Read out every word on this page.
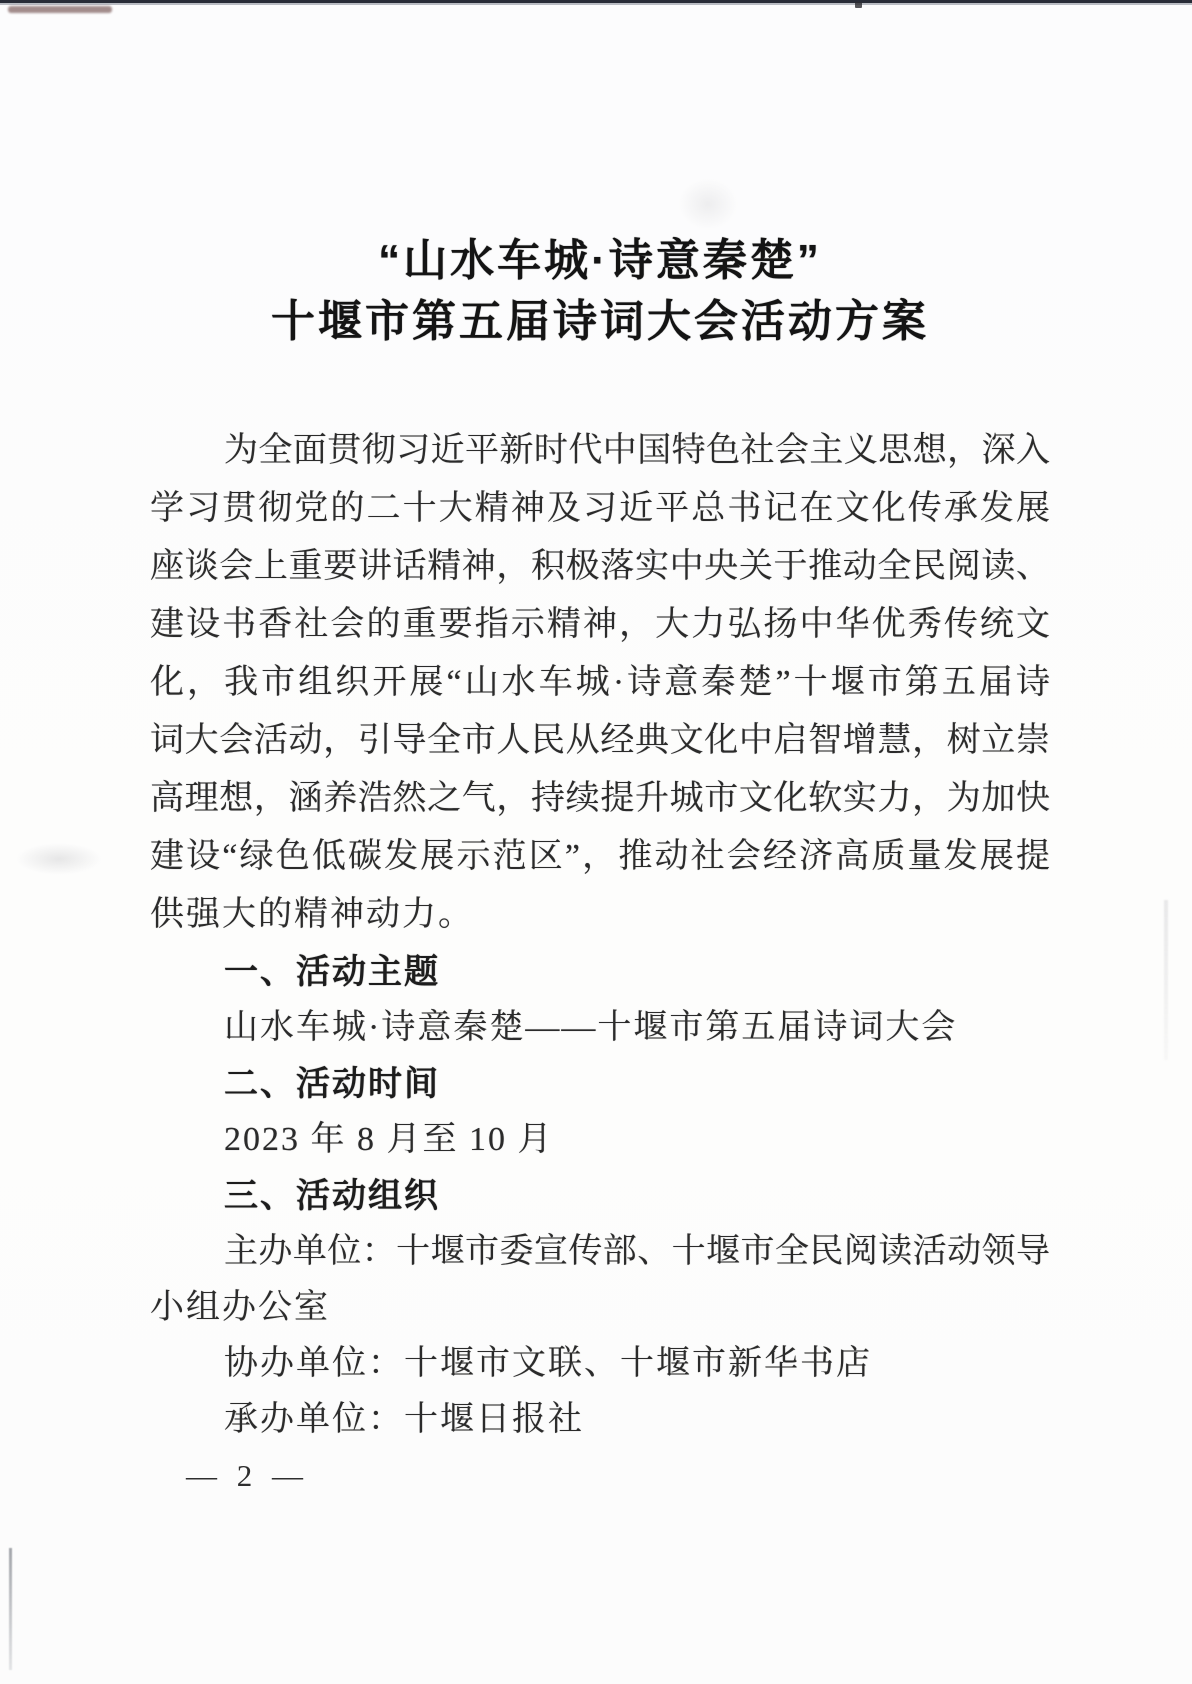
“山水车城·诗意秦楚”
十堰市第五届诗词大会活动方案
为全面贯彻习近平新时代中国特色社会主义思想，深入
学习贯彻党的二十大精神及习近平总书记在文化传承发展
座谈会上重要讲话精神，积极落实中央关于推动全民阅读、
建设书香社会的重要指示精神，大力弘扬中华优秀传统文
化，我市组织开展“山水车城·诗意秦楚”十堰市第五届诗
词大会活动，引导全市人民从经典文化中启智增慧，树立崇
高理想，涵养浩然之气，持续提升城市文化软实力，为加快
建设“绿色低碳发展示范区”，推动社会经济高质量发展提
供强大的精神动力。
一、活动主题
山水车城·诗意秦楚——十堰市第五届诗词大会
二、活动时间
2023 年 8 月至 10 月
三、活动组织
主办单位：十堰市委宣传部、十堰市全民阅读活动领导
小组办公室
协办单位：十堰市文联、十堰市新华书店
承办单位：十堰日报社
— 2 —
